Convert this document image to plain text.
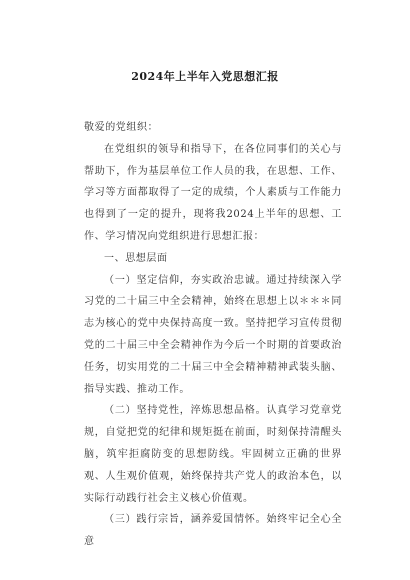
2024年上半年入党思想汇报

敬爱的党组织：

在党组织的领导和指导下，在各位同事们的关心与帮助下，作为基层单位工作人员的我，在思想、工作、学习等方面都取得了一定的成绩，个人素质与工作能力也得到了一定的提升，现将我2024上半年的思想、工作、学习情况向党组织进行思想汇报：

一、思想层面

（一）坚定信仰，夯实政治忠诚。通过持续深入学习党的二十届三中全会精神，始终在思想上以＊＊＊同志为核心的党中央保持高度一致。坚持把学习宣传贯彻党的二十届三中全会精神作为今后一个时期的首要政治任务，切实用党的二十届三中全会精神精神武装头脑、指导实践、推动工作。

（二）坚持党性，淬炼思想品格。认真学习党章党规，自觉把党的纪律和规矩挺在前面，时刻保持清醒头脑，筑牢拒腐防变的思想防线。牢固树立正确的世界观、人生观价值观，始终保持共产党人的政治本色，以实际行动践行社会主义核心价值观。

（三）践行宗旨，涵养爱国情怀。始终牢记全心全意
